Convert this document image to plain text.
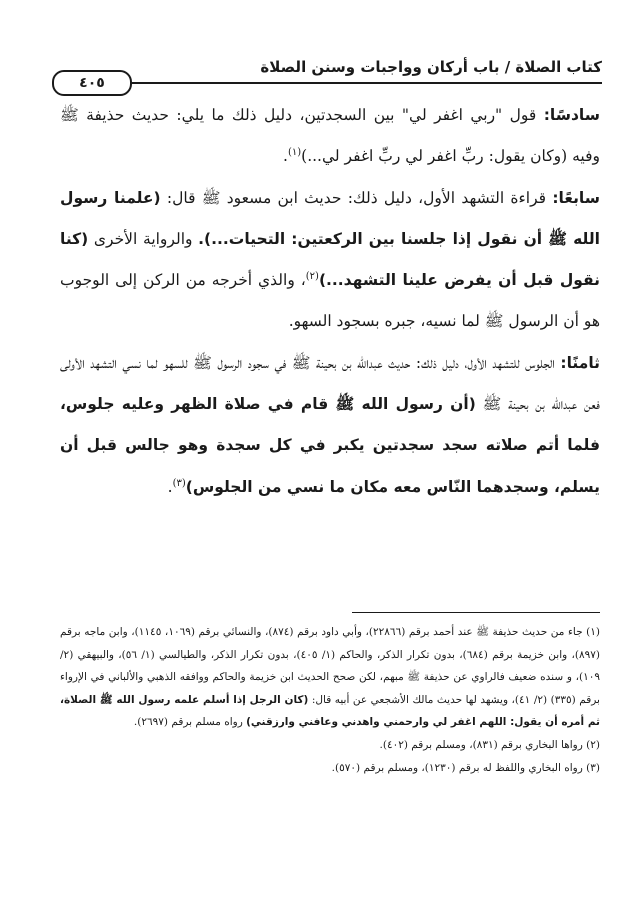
كتاب الصلاة / باب أركان وواجبات وسنن الصلاة
٤٠٥

سادسًا: قول "ربي اغفر لي" بين السجدتين، دليل ذلك ما يلي: حديث حذيفة ﷺ وفيه (وكان يقول: ربِّ اغفر لي ربِّ اغفر لي...)$^{(١)}$.

سابعًا: قراءة التشهد الأول، دليل ذلك: حديث ابن مسعود ﷺ قال: (علمنا رسول الله ﷺ أن نقول إذا جلسنا بين الركعتين: التحيات...). والرواية الأخرى (كنا نقول قبل أن يفرض علينا التشهد...)$^{(٢)}$، والذي أخرجه من الركن إلى الوجوب هو أن الرسول ﷺ لما نسيه، جبره بسجود السهو.

ثامنًا: الجلوس للتشهد الأول، دليل ذلك: حديث عبدالله بن بحينة ﷺ في سجود الرسول ﷺ للسهو لما نسي التشهد الأولى فعن عبدالله بن بحينة ﷺ (أن رسول الله ﷺ قام في صلاة الظهر وعليه جلوس، فلما أتم صلاته سجد سجدتين يكبر في كل سجدة وهو جالس قبل أن يسلم، وسجدهما النّاس معه مكان ما نسي من الجلوس)$^{(٣)}$.

(١) جاء من حديث حذيفة ﷺ عند أحمد برقم (٢٢٨٦٦)، وأبي داود برقم (٨٧٤)، والنسائي برقم (١٠٦٩، ١١٤٥)، وابن ماجه برقم (٨٩٧)، وابن خزيمة برقم (٦٨٤)، بدون تكرار الذكر، والحاكم (١/ ٤٠٥)، بدون تكرار الذكر، والطيالسي (١/ ٥٦)، والبيهقي (٢/ ١٠٩)، و سنده ضعيف فالراوي عن حذيفة ﷺ مبهم، لكن صحح الحديث ابن خزيمة والحاكم ووافقه الذهبي والألباني في الإرواء برقم (٣٣٥) (٢/ ٤١)، ويشهد لها حديث مالك الأشجعي عن أبيه قال: (كان الرجل إذا أسلم علمه رسول الله ﷺ الصلاة، ثم أمره أن يقول: اللهم اغفر لي وارحمني واهدني وعافني وارزقني) رواه مسلم برقم (٢٦٩٧).

(٢) رواها البخاري برقم (٨٣١)، ومسلم برقم (٤٠٢).

(٣) رواه البخاري واللفظ له برقم (١٢٣٠)، ومسلم برقم (٥٧٠).
